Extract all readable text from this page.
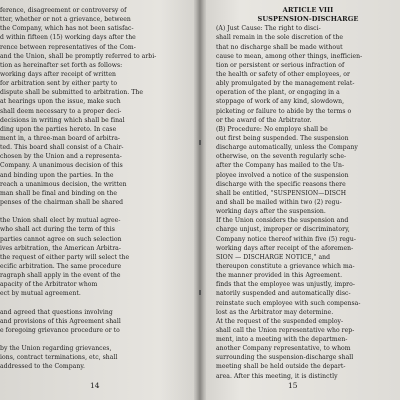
ference, disagreement or controversy of
tter, whether or not a grievance, between
the Company, which has not been satisfac-
d within fifteen (15) working days after the
rence between representatives of the Com-
and the Union, shall be promptly referred to arbi-
tion as hereinafter set forth as follows:
working days after receipt of written
for arbitration sent by either party to
dispute shall be submitted to arbitration. The
at hearings upon the issue, make such
shall deem necessary to a proper deci-
decisions in writing which shall be final
ding upon the parties hereto. In case
ment in, a three-man board of arbitra-
ted. This board shall consist of a Chair-
chosen by the Union and a representa-
Company. A unanimous decision of this
and binding upon the parties. In the
reach a unanimous decision, the written
man shall be final and binding on the
penses of the chairman shall be shared
the Union shall elect by mutual agree-
who shall act during the term of this
parties cannot agree on such selection
ives arbitration, the American Arbitra-
the request of either party will select the
ecific arbitration. The same procedure
ragraph shall apply in the event of the
apacity of the Arbitrator whom
ect by mutual agreement.
and agreed that questions involving
and provisions of this Agreement shall
e foregoing grievance procedure or to
by the Union regarding grievances,
ions, contract terminations, etc, shall
addressed to the Company.
14
ARTICLE VIII
SUSPENSION-DISCHARGE
(A) Just Cause: The right to disci-
shall remain in the sole discretion of the
that no discharge shall be made without
cause to mean, among other things, inefficien-
tion or persistent or serious infraction of
the health or safety of other employees, or
ably promulgated by the management relat-
operation of the plant, or engaging in a
stoppage of work of any kind, slowdown,
picketing or failure to abide by the terms o
or the award of the Arbitrator.
(B) Procedure: No employe shall be
out first being suspended. The suspension
discharge automatically, unless the Company
otherwise, on the seventh regularly sche-
after the Company has mailed to the Un-
ployee involved a notice of the suspension
discharge with the specific reasons there
shall be entitled, "SUSPENSION—DISCH
and shall be mailed within two (2) regu-
working days after the suspension.
If the Union considers the suspension and
charge unjust, improper or discriminatory,
Company notice thereof within five (5) regu-
working days after receipt of the aforemen-
SION — DISCHARGE NOTICE," and
thereupon constitute a grievance which ma-
the manner provided in this Agreement.
finds that the employee was unjustly, impro-
natorily suspended and automatically disc-
reinstate such employee with such compensa-
lost as the Arbitrator may determine.
At the request of the suspended employ-
shall call the Union representative who rep-
ment, into a meeting with the departmen-
another Company representative, to whom
surrounding the suspension-discharge shall
meeting shall be held outside the depart-
area. After this meeting, it is distinctly
15
